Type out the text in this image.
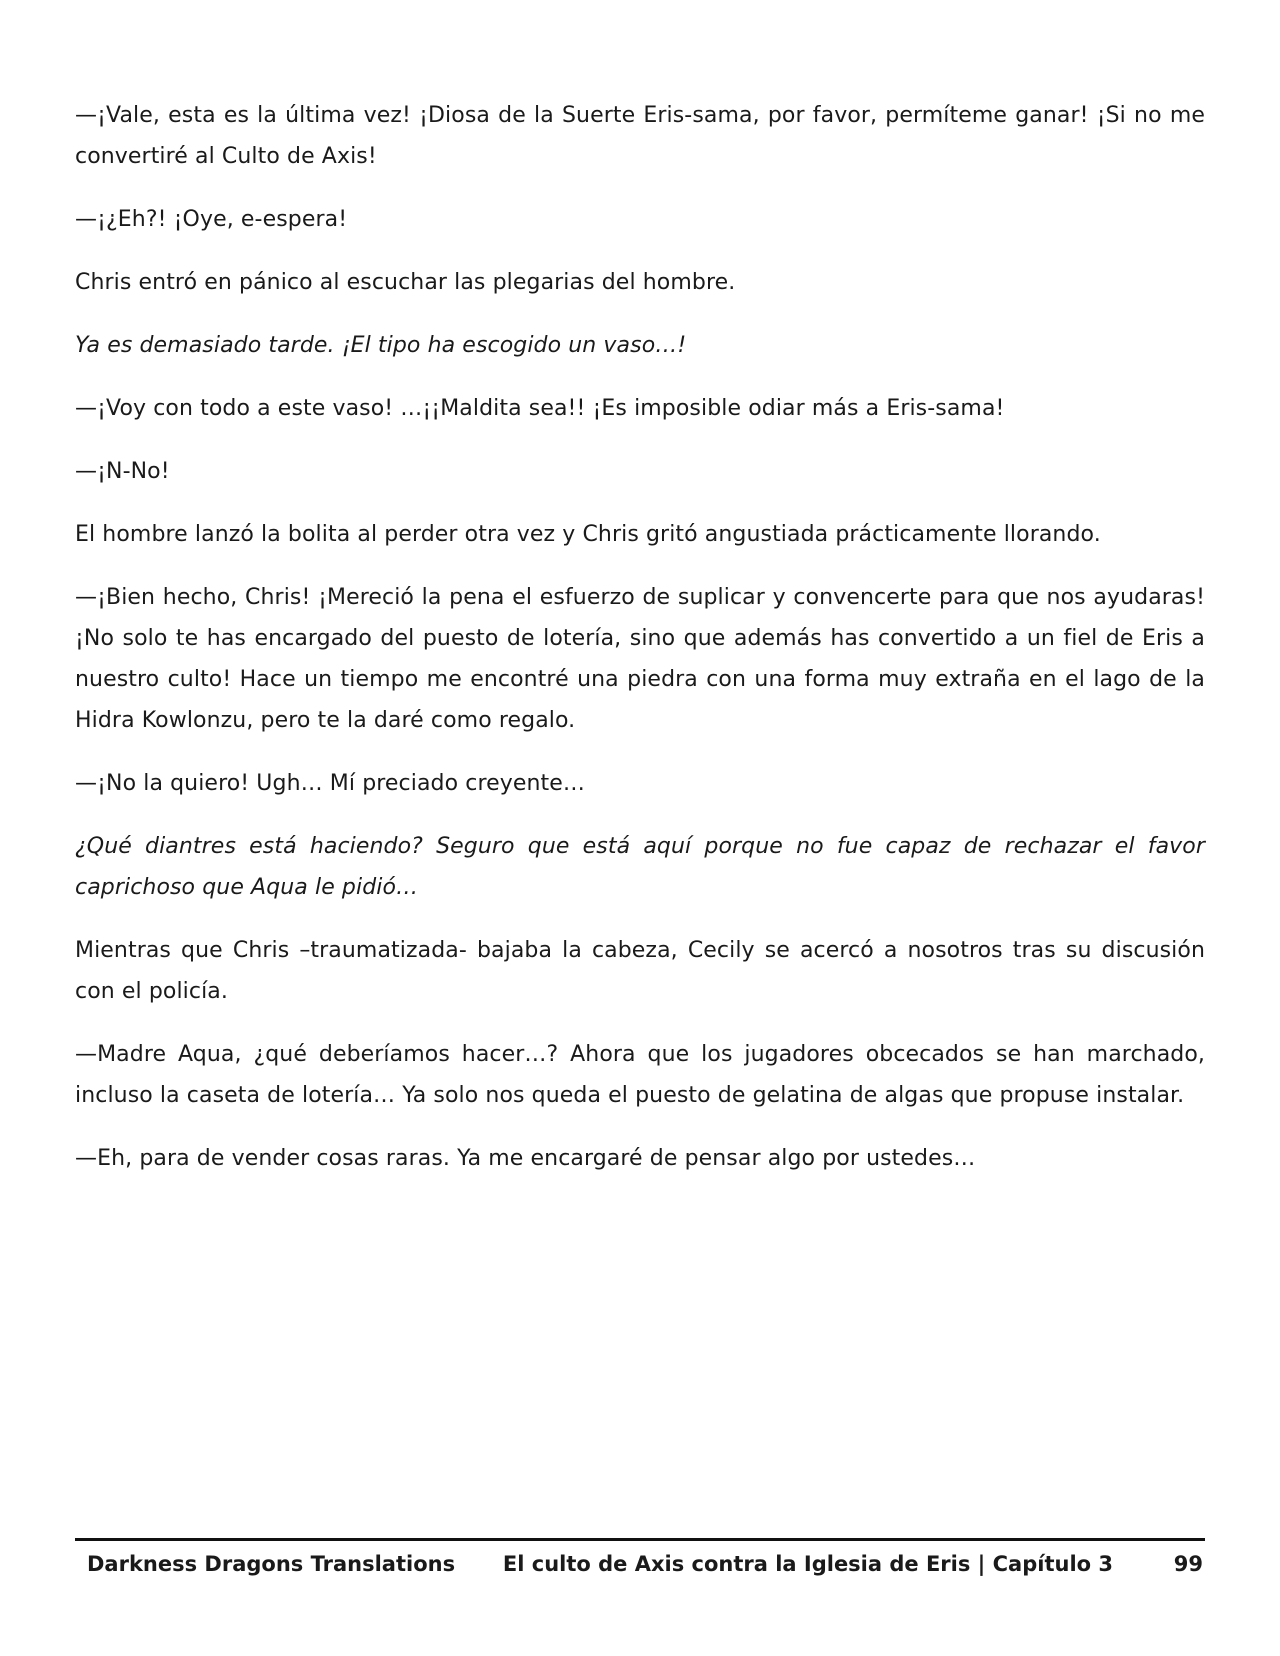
—¡Vale, esta es la última vez! ¡Diosa de la Suerte Eris-sama, por favor, permíteme ganar! ¡Si no me convertiré al Culto de Axis!

—¡¿Eh?! ¡Oye, e-espera!

Chris entró en pánico al escuchar las plegarias del hombre.

Ya es demasiado tarde. ¡El tipo ha escogido un vaso…!

—¡Voy con todo a este vaso! …¡¡Maldita sea!! ¡Es imposible odiar más a Eris-sama!

—¡N-No!

El hombre lanzó la bolita al perder otra vez y Chris gritó angustiada prácticamente llorando.

—¡Bien hecho, Chris! ¡Mereció la pena el esfuerzo de suplicar y convencerte para que nos ayudaras! ¡No solo te has encargado del puesto de lotería, sino que además has convertido a un fiel de Eris a nuestro culto! Hace un tiempo me encontré una piedra con una forma muy extraña en el lago de la Hidra Kowlonzu, pero te la daré como regalo.

—¡No la quiero! Ugh… Mí preciado creyente…

¿Qué diantres está haciendo? Seguro que está aquí porque no fue capaz de rechazar el favor caprichoso que Aqua le pidió…

Mientras que Chris –traumatizada- bajaba la cabeza, Cecily se acercó a nosotros tras su discusión con el policía.

—Madre Aqua, ¿qué deberíamos hacer…? Ahora que los jugadores obcecados se han marchado, incluso la caseta de lotería… Ya solo nos queda el puesto de gelatina de algas que propuse instalar.

—Eh, para de vender cosas raras. Ya me encargaré de pensar algo por ustedes…

Darkness Dragons Translations El culto de Axis contra la Iglesia de Eris | Capítulo 3	99
